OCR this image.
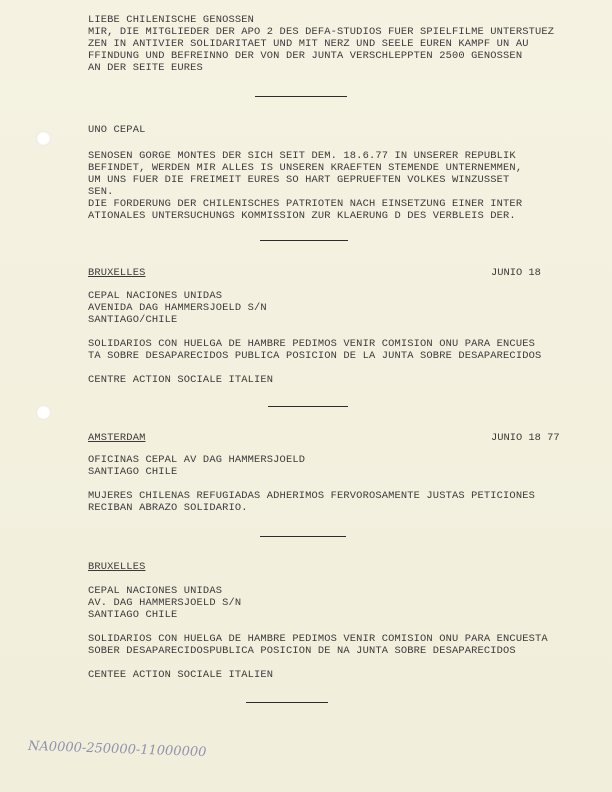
LIEBE CHILENISCHE GENOSSEN

MIR, DIE MITGLIEDER DER APO 2 DES DEFA-STUDIOS FUER SPIELFILME UNTERSTUEZ

ZEN IN ANTIVIER SOLIDARITAET UND MIT NERZ UND SEELE EUREN KAMPF UN AU

FFINDUNG UND BEFREINNO DER VON DER JUNTA VERSCHLEPPTEN 2500 GENOSSEN

AN DER SEITE EURES

UNO CEPAL

SENOSEN GORGE MONTES DER SICH SEIT DEM. 18.6.77 IN UNSERER REPUBLIK

BEFINDET, WERDEN MIR ALLES IS UNSEREN KRAEFTEN STEMENDE UNTERNEMMEN,

UM UNS FUER DIE FREIMEIT EURES SO HART GEPRUEFTEN VOLKES WINZUSSET

SEN.

DIE FORDERUNG DER CHILENISCHES PATRIOTEN NACH EINSETZUNG EINER INTER

ATIONALES UNTERSUCHUNGS KOMMISSION ZUR KLAERUNG D DES VERBLEIS DER.

BRUXELLES	JUNIO 18

CEPAL NACIONES UNIDAS

AVENIDA DAG HAMMERSJOELD S/N

SANTIAGO/CHILE

SOLIDARIOS CON HUELGA DE HAMBRE PEDIMOS VENIR COMISION ONU PARA ENCUES

TA SOBRE DESAPARECIDOS PUBLICA POSICION DE LA JUNTA SOBRE DESAPARECIDOS

CENTRE ACTION SOCIALE ITALIEN

AMSTERDAM	JUNIO 18 77

OFICINAS CEPAL AV DAG HAMMERSJOELD

SANTIAGO CHILE

MUJERES CHILENAS REFUGIADAS ADHERIMOS FERVOROSAMENTE JUSTAS PETICIONES

RECIBAN ABRAZO SOLIDARIO.

BRUXELLES

CEPAL NACIONES UNIDAS

AV. DAG HAMMERSJOELD S/N

SANTIAGO CHILE

SOLIDARIOS CON HUELGA DE HAMBRE PEDIMOS VENIR COMISION ONU PARA ENCUESTA

SOBER DESAPARECIDOSPUBLICA POSICION DE NA JUNTA SOBRE DESAPARECIDOS

CENTEE ACTION SOCIALE ITALIEN

NA0000-250000-11000000
